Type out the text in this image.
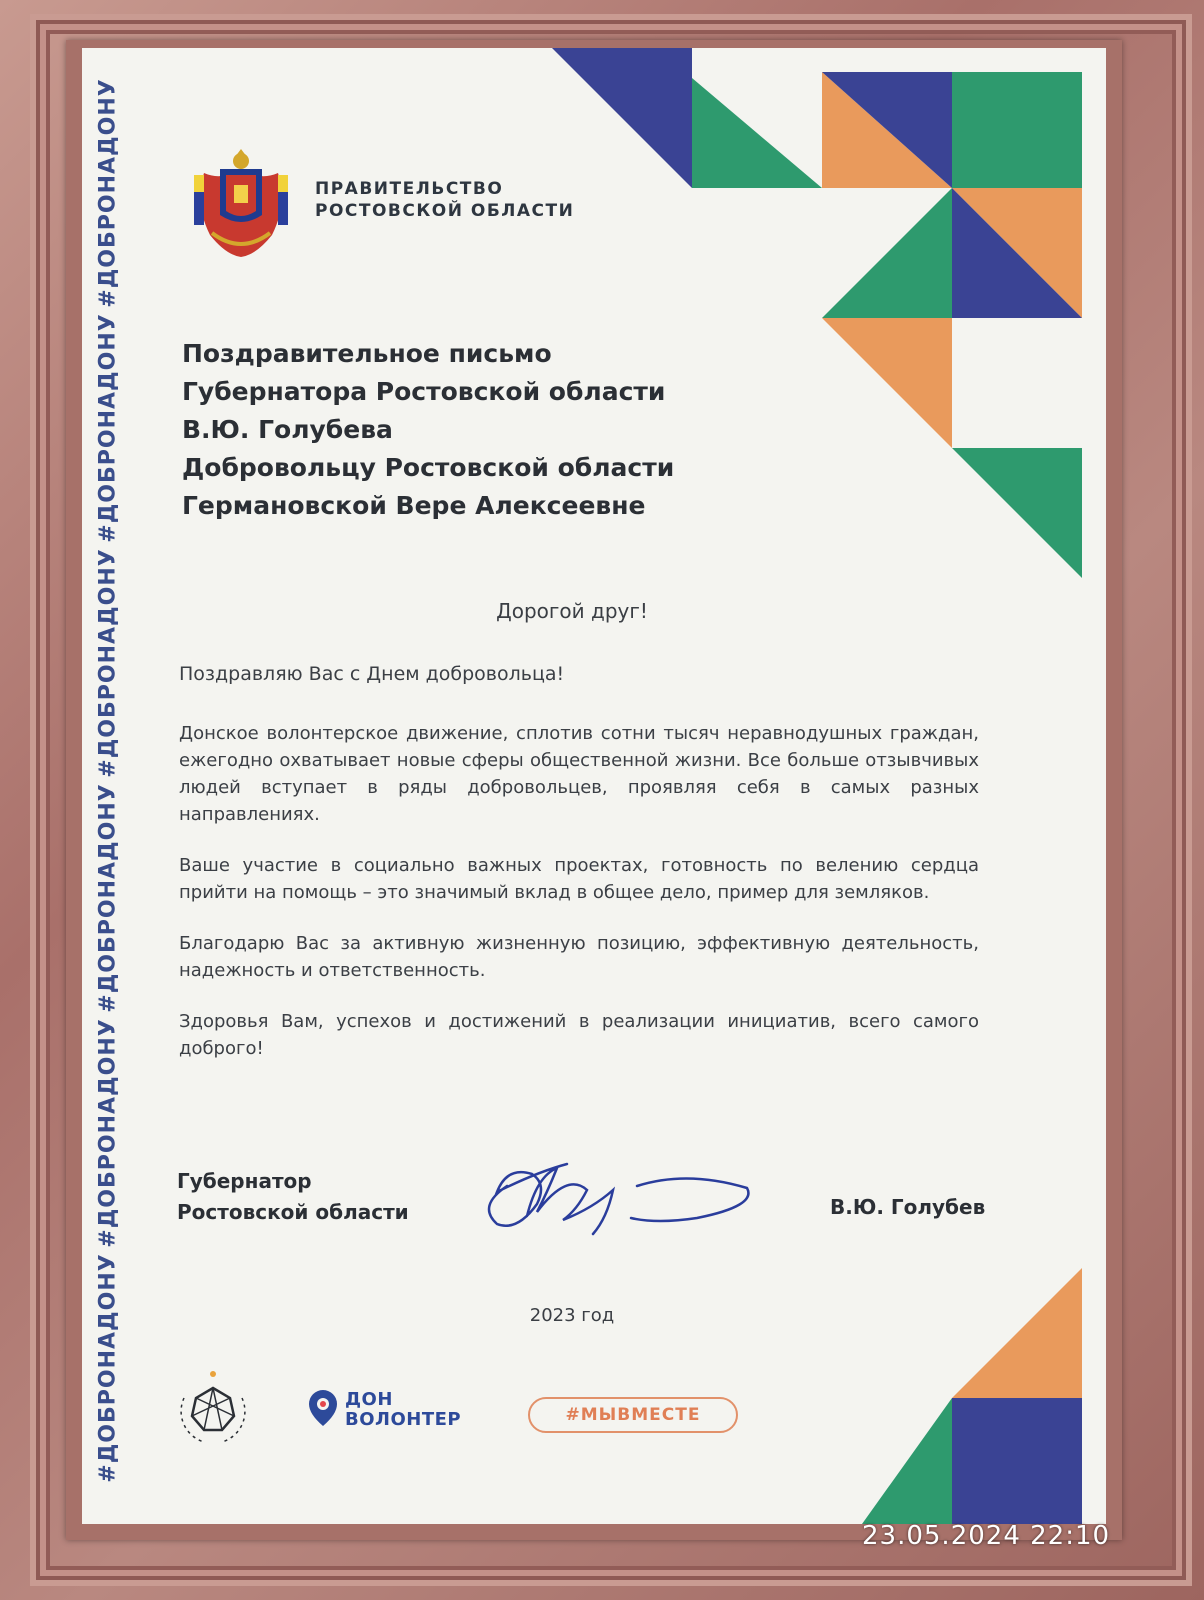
#ДОБРОНАДОНУ
#ДОБРОНАДОНУ
#ДОБРОНАДОНУ
#ДОБРОНАДОНУ
#ДОБРОНАДОНУ
#ДОБРОНАДОНУ
ПРАВИТЕЛЬСТВО
РОСТОВСКОЙ ОБЛАСТИ
Поздравительное письмо
Губернатора Ростовской области
В.Ю. Голубева
Добровольцу Ростовской области
Германовской Вере Алексеевне
Дорогой друг!
Поздравляю Вас с Днем добровольца!
Донское волонтерское движение, сплотив сотни тысяч неравнодушных граждан, ежегодно охватывает новые сферы общественной жизни. Все больше отзывчивых людей вступает в ряды добровольцев, проявляя себя в самых разных направлениях.
Ваше участие в социально важных проектах, готовность по велению сердца прийти на помощь – это значимый вклад в общее дело, пример для земляков.
Благодарю Вас за активную жизненную позицию, эффективную деятельность, надежность и ответственность.
Здоровья Вам, успехов и достижений в реализации инициатив, всего самого доброго!
Губернатор
Ростовской области	В.Ю. Голубев
2023 год
ДОН
ВОЛОНТЕР	#МЫВМЕСТЕ
23.05.2024 22:10
